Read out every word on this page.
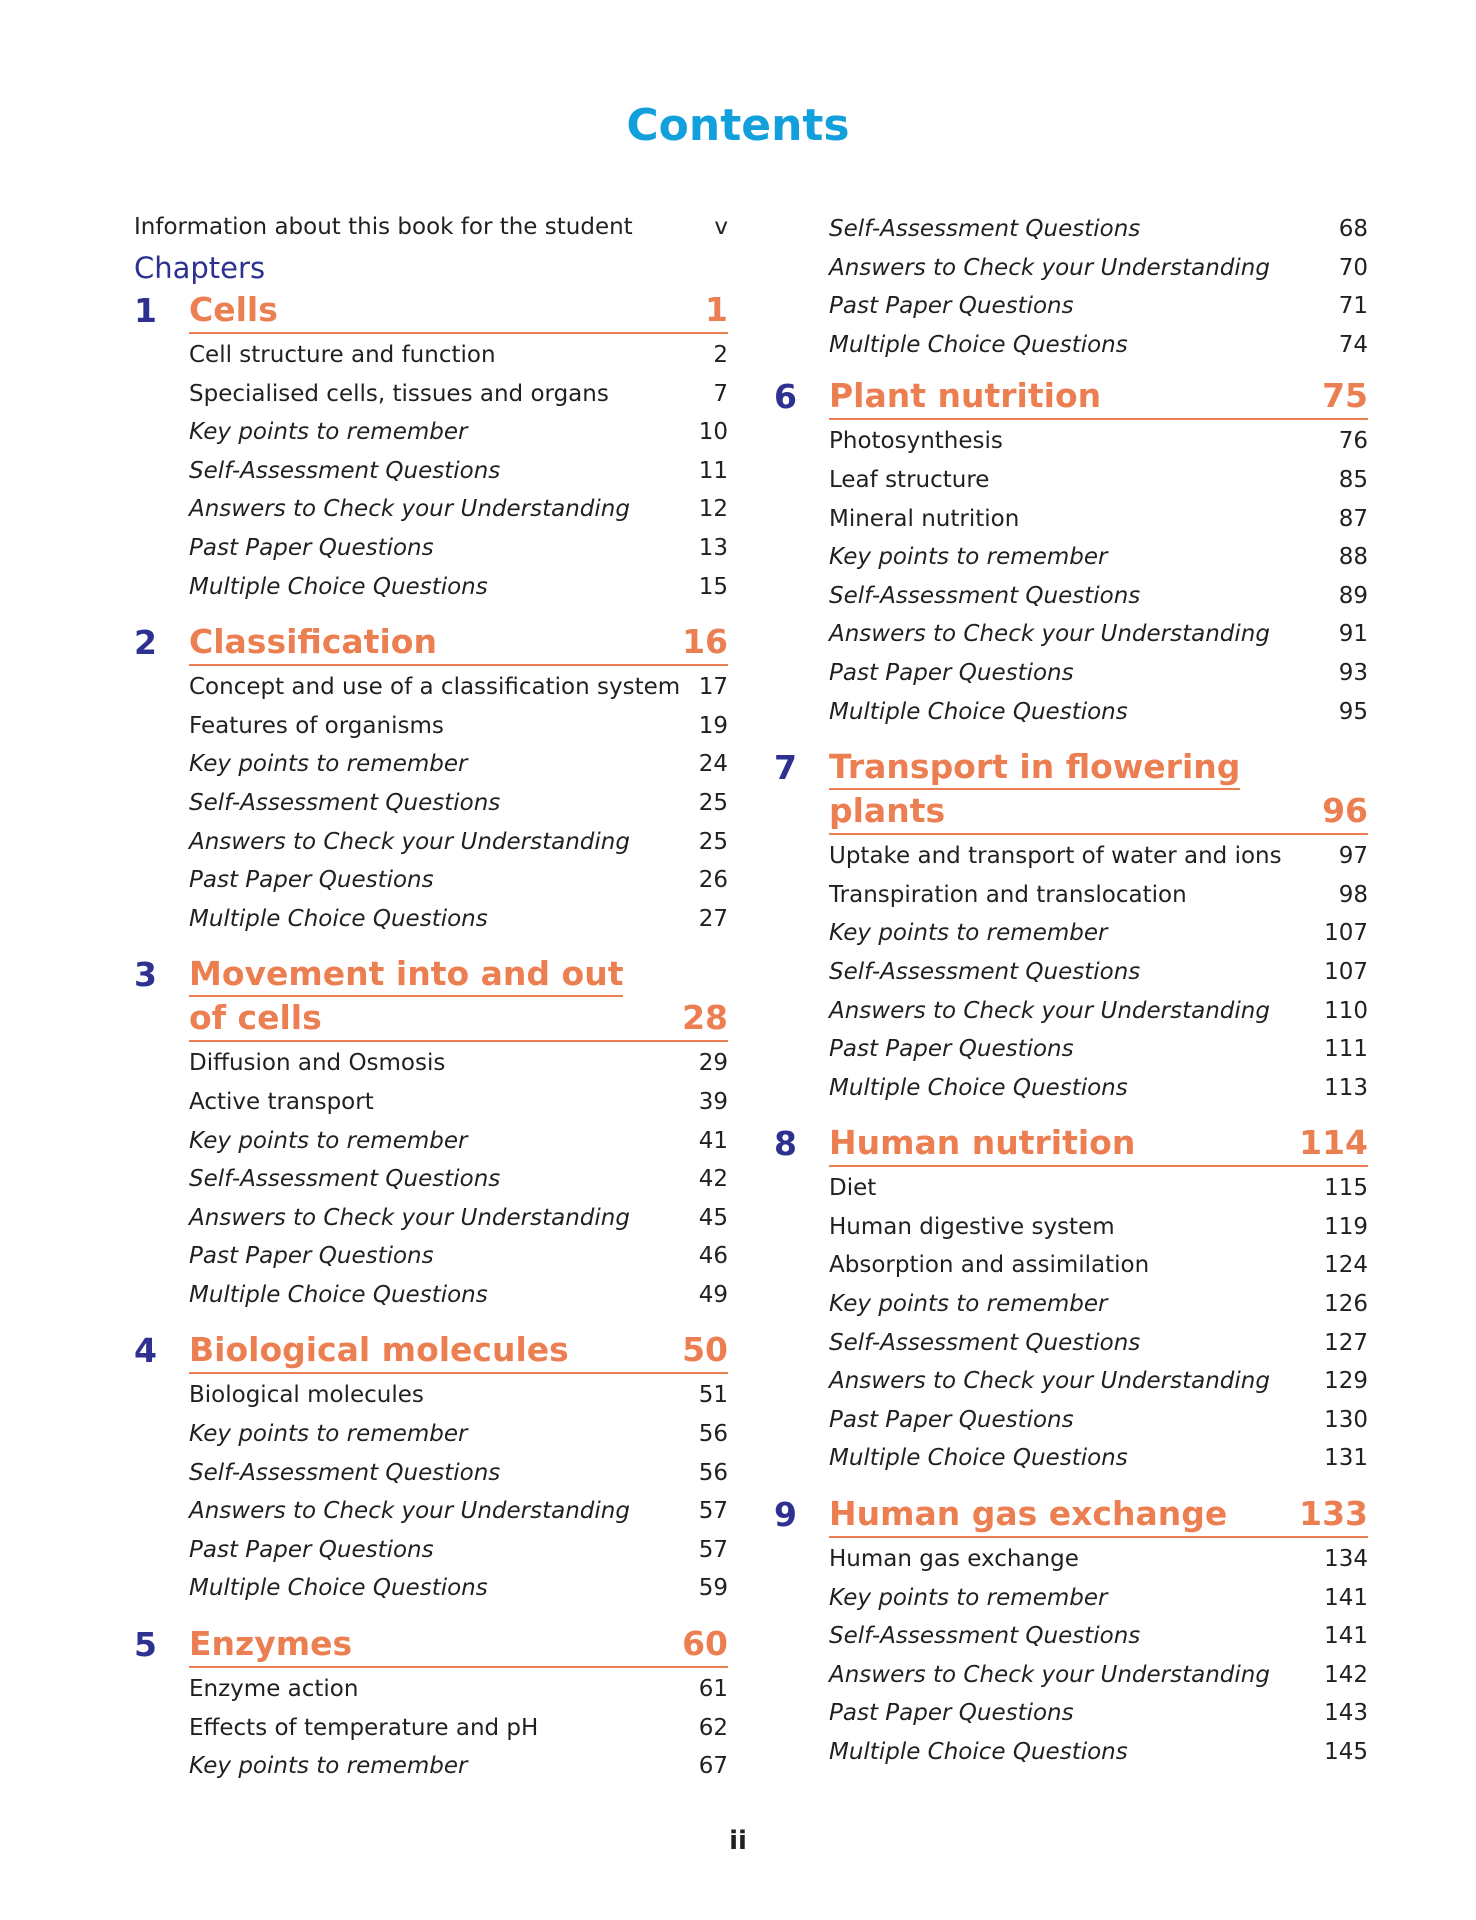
Contents
Information about this book for the student	v
Chapters
1 Cells	1
Cell structure and function	2
Specialised cells, tissues and organs	7
Key points to remember	10
Self-Assessment Questions	11
Answers to Check your Understanding	12
Past Paper Questions	13
Multiple Choice Questions	15
2 Classification	16
Concept and use of a classification system 17
Features of organisms	19
Key points to remember	24
Self-Assessment Questions	25
Answers to Check your Understanding	25
Past Paper Questions	26
Multiple Choice Questions	27
3 Movement into and out
of cells	28
Diffusion and Osmosis	29
Active transport	39
Key points to remember	41
Self-Assessment Questions	42
Answers to Check your Understanding	45
Past Paper Questions	46
Multiple Choice Questions	49
4 Biological molecules	50
Biological molecules	51
Key points to remember	56
Self-Assessment Questions	56
Answers to Check your Understanding	57
Past Paper Questions	57
Multiple Choice Questions	59
5 Enzymes	60
Enzyme action	61
Effects of temperature and pH	62
Key points to remember	67
Self-Assessment Questions	68
Answers to Check your Understanding	70
Past Paper Questions	71
Multiple Choice Questions	74
6 Plant nutrition	75
Photosynthesis	76
Leaf structure	85
Mineral nutrition	87
Key points to remember	88
Self-Assessment Questions	89
Answers to Check your Understanding	91
Past Paper Questions	93
Multiple Choice Questions	95
7 Transport in flowering
plants	96
Uptake and transport of water and ions 97
Transpiration and translocation	98
Key points to remember	107
Self-Assessment Questions	107
Answers to Check your Understanding 110
Past Paper Questions	111
Multiple Choice Questions	113
8 Human nutrition	114
Diet	115
Human digestive system	119
Absorption and assimilation	124
Key points to remember	126
Self-Assessment Questions	127
Answers to Check your Understanding 129
Past Paper Questions	130
Multiple Choice Questions	131
9 Human gas exchange 133
Human gas exchange	134
Key points to remember	141
Self-Assessment Questions	141
Answers to Check your Understanding 142
Past Paper Questions	143
Multiple Choice Questions	145
ii
